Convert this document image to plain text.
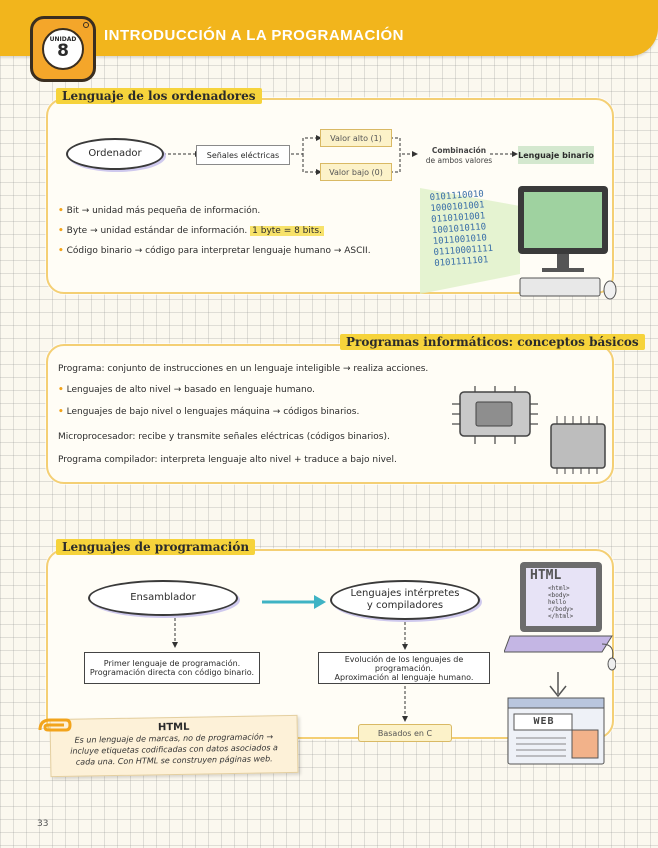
INTRODUCCIÓN A LA PROGRAMACIÓN
UNIDAD
8
Lenguaje de los ordenadores
Ordenador	Señales eléctricas
Valor alto (1)
Valor bajo (0)
Combinación
de ambos valores
Lenguaje binario
• Bit → unidad más pequeña de información.
• Byte → unidad estándar de información. 1 byte = 8 bits.
• Código binario → código para interpretar lenguaje humano → ASCII.
0101110010
1000101001
0110101001
1001010110
1011001010
01110001111
0101111101
Programas informáticos: conceptos básicos
Programa: conjunto de instrucciones en un lenguaje inteligible → realiza acciones.
• Lenguajes de alto nivel → basado en lenguaje humano.
• Lenguajes de bajo nivel o lenguajes máquina → códigos binarios.
Microprocesador: recibe y transmite señales eléctricas (códigos binarios).
Programa compilador: interpreta lenguaje alto nivel + traduce a bajo nivel.
Lenguajes de programación
Ensamblador	Lenguajes intérpretes
y compiladores
Primer lenguaje de programación.
Programación directa con código binario.
Evolución de los lenguajes de programación.
Aproximación al lenguaje humano.
Basados en C
HTML
Es un lenguaje de marcas, no de programación →
incluye etiquetas codificadas con datos asociados a
cada una. Con HTML se construyen páginas web.
HTML
<html>
<body>
hello
</body>
</html>
WEB
33
